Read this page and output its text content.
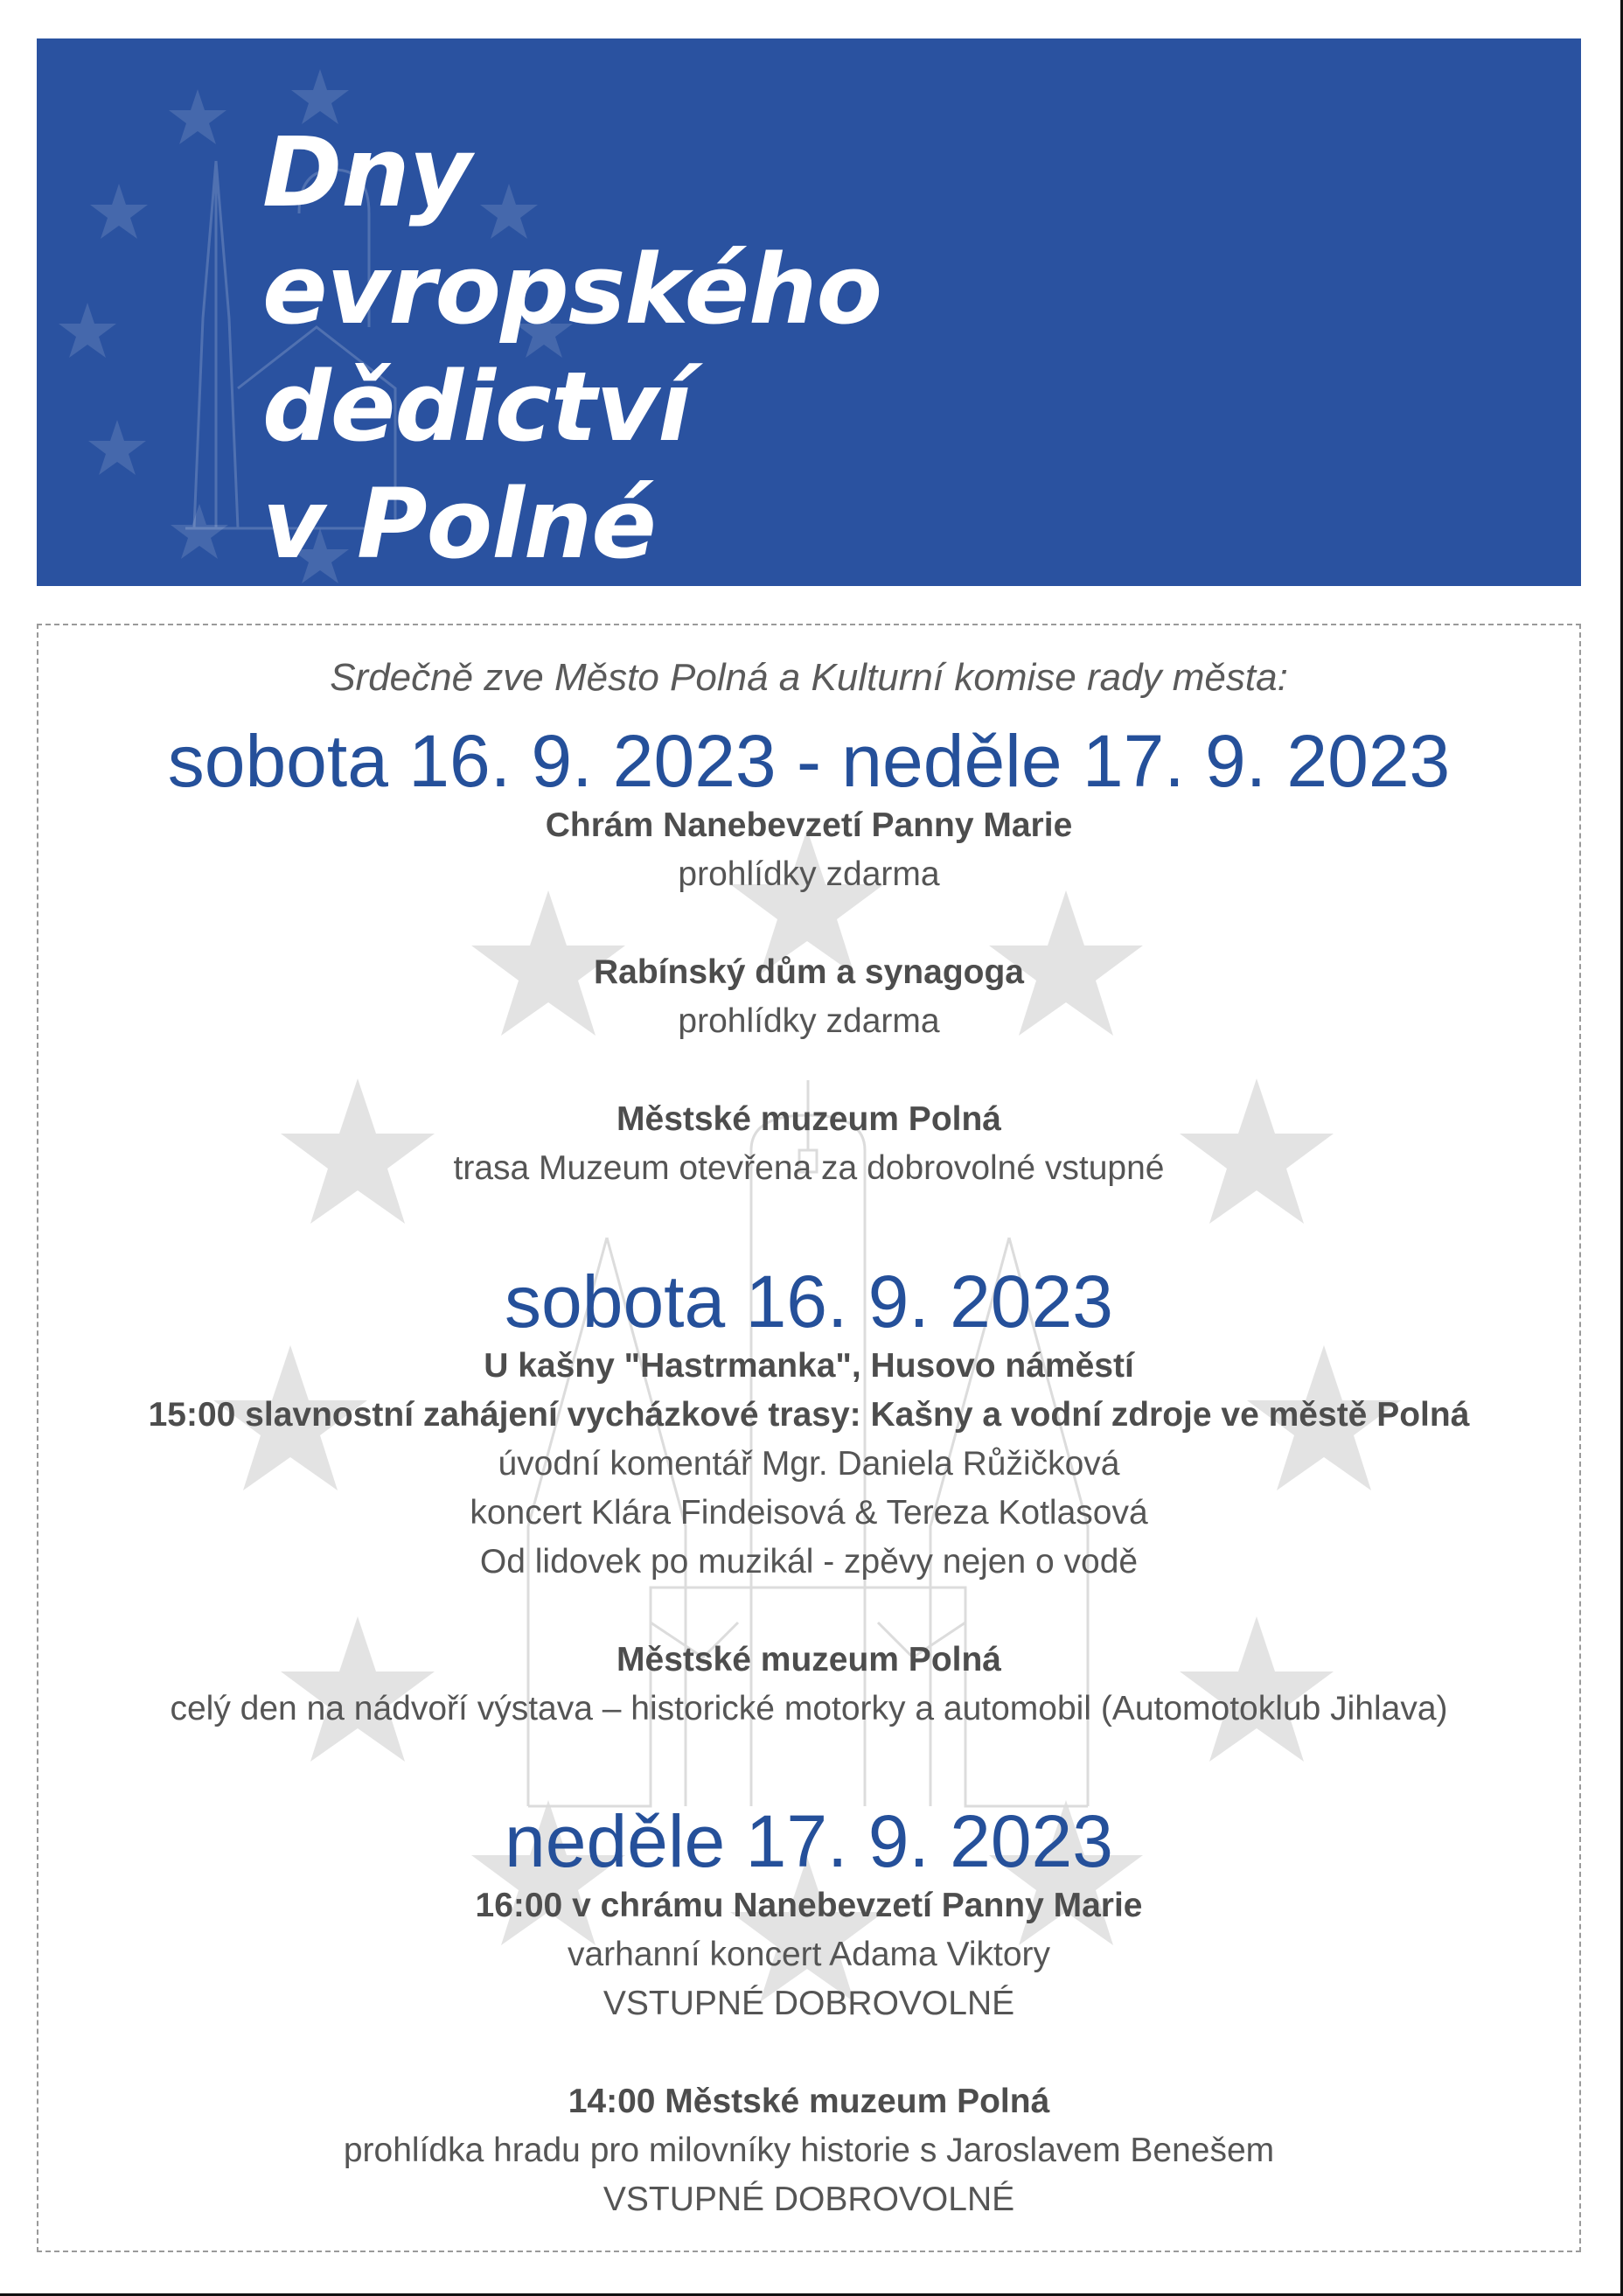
Dny
evropského
dědictví
v Polné
Srdečně zve Město Polná a Kulturní komise rady města:
sobota 16. 9. 2023 - neděle 17. 9. 2023
Chrám Nanebevzetí Panny Marie
prohlídky zdarma
Rabínský dům a synagoga
prohlídky zdarma
Městské muzeum Polná
trasa Muzeum otevřena za dobrovolné vstupné
sobota 16. 9. 2023
U kašny "Hastrmanka", Husovo náměstí
15:00 slavnostní zahájení vycházkové trasy: Kašny a vodní zdroje ve městě Polná
úvodní komentář Mgr. Daniela Růžičková
koncert Klára Findeisová & Tereza Kotlasová
Od lidovek po muzikál - zpěvy nejen o vodě
Městské muzeum Polná
celý den na nádvoří výstava – historické motorky a automobil (Automotoklub Jihlava)
neděle 17. 9. 2023
16:00 v chrámu Nanebevzetí Panny Marie
varhanní koncert Adama Viktory
VSTUPNÉ DOBROVOLNÉ
14:00 Městské muzeum Polná
prohlídka hradu pro milovníky historie s Jaroslavem Benešem
VSTUPNÉ DOBROVOLNÉ
